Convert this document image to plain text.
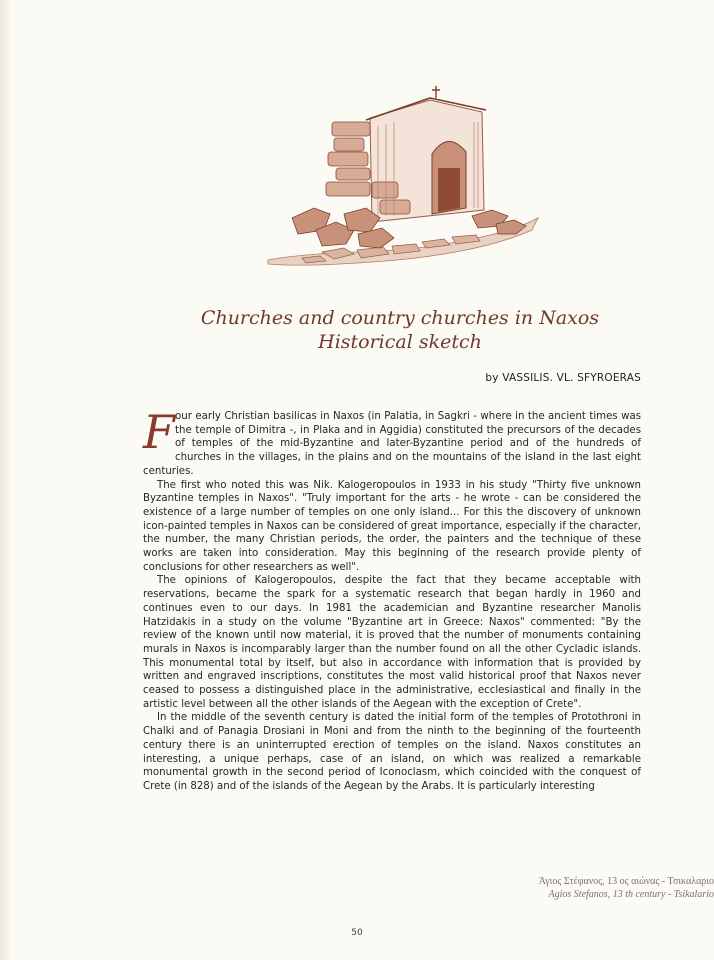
Churches and country churches in Naxos
Historical sketch
by VASSILIS. VL. SFYROERAS

Four early Christian basilicas in Naxos (in Palatia, in Sagkri - where in the ancient times was the temple of Dimitra -, in Plaka and in Aggidia) constituted the precursors of the decades of temples of the mid-Byzantine and later-Byzantine period and of the hundreds of churches in the villages, in the plains and on the mountains of the island in the last eight centuries.

The first who noted this was Nik. Kalogeropoulos in 1933 in his study "Thirty five unknown Byzantine temples in Naxos". "Truly important for the arts - he wrote - can be considered the existence of a large number of temples on one only island... For this the discovery of unknown icon-painted temples in Naxos can be considered of great importance, especially if the character, the number, the many Christian periods, the order, the painters and the technique of these works are taken into consideration. May this beginning of the research provide plenty of conclusions for other researchers as well".

The opinions of Kalogeropoulos, despite the fact that they became acceptable with reservations, became the spark for a systematic research that began hardly in 1960 and continues even to our days. In 1981 the academician and Byzantine researcher Manolis Hatzidakis in a study on the volume "Byzantine art in Greece: Naxos" commented: "By the review of the known until now material, it is proved that the number of monuments containing murals in Naxos is incomparably larger than the number found on all the other Cycladic islands. This monumental total by itself, but also in accordance with information that is provided by written and engraved inscriptions, constitutes the most valid historical proof that Naxos never ceased to possess a distinguished place in the administrative, ecclesiastical and finally in the artistic level between all the other islands of the Aegean with the exception of Crete".

In the middle of the seventh century is dated the initial form of the temples of Protothroni in Chalki and of Panagia Drosiani in Moni and from the ninth to the beginning of the fourteenth century there is an uninterrupted erection of temples on the island. Naxos constitutes an interesting, a unique perhaps, case of an island, on which was realized a remarkable monumental growth in the second period of Iconoclasm, which coincided with the conquest of Crete (in 828) and of the islands of the Aegean by the Arabs. It is particularly interesting

Άγιος Στέφανος, 13 ος αιώνας - Τσικαλαριο
Agios Stefanos, 13 th century - Tsikalario
50
